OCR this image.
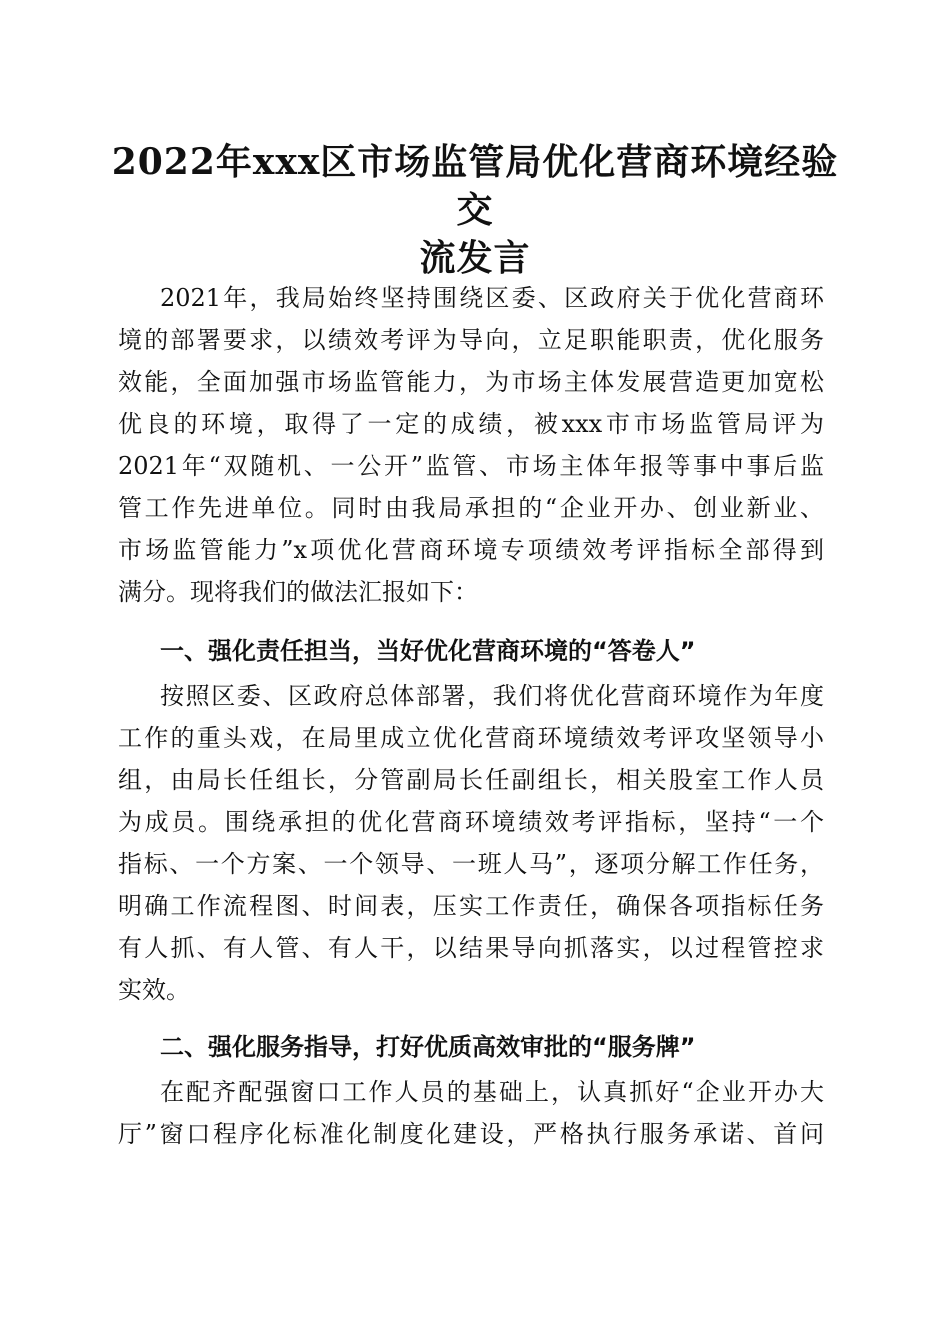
2022年xxx区市场监管局优化营商环境经验交
流发言

2021年，我局始终坚持围绕区委、区政府关于优化营商环

境的部署要求，以绩效考评为导向，立足职能职责，优化服务

效能，全面加强市场监管能力，为市场主体发展营造更加宽松

优良的环境，取得了一定的成绩，被xxx市市场监管局评为

2021年“双随机、一公开”监管、市场主体年报等事中事后监

管工作先进单位。同时由我局承担的“企业开办、创业新业、

市场监管能力”x项优化营商环境专项绩效考评指标全部得到

满分。现将我们的做法汇报如下：

一、强化责任担当，当好优化营商环境的“答卷人”

按照区委、区政府总体部署，我们将优化营商环境作为年度

工作的重头戏，在局里成立优化营商环境绩效考评攻坚领导小

组，由局长任组长，分管副局长任副组长，相关股室工作人员

为成员。围绕承担的优化营商环境绩效考评指标，坚持“一个

指标、一个方案、一个领导、一班人马”，逐项分解工作任务，

明确工作流程图、时间表，压实工作责任，确保各项指标任务

有人抓、有人管、有人干，以结果导向抓落实，以过程管控求

实效。

二、强化服务指导，打好优质高效审批的“服务牌”

在配齐配强窗口工作人员的基础上，认真抓好“企业开办大

厅”窗口程序化标准化制度化建设，严格执行服务承诺、首问
